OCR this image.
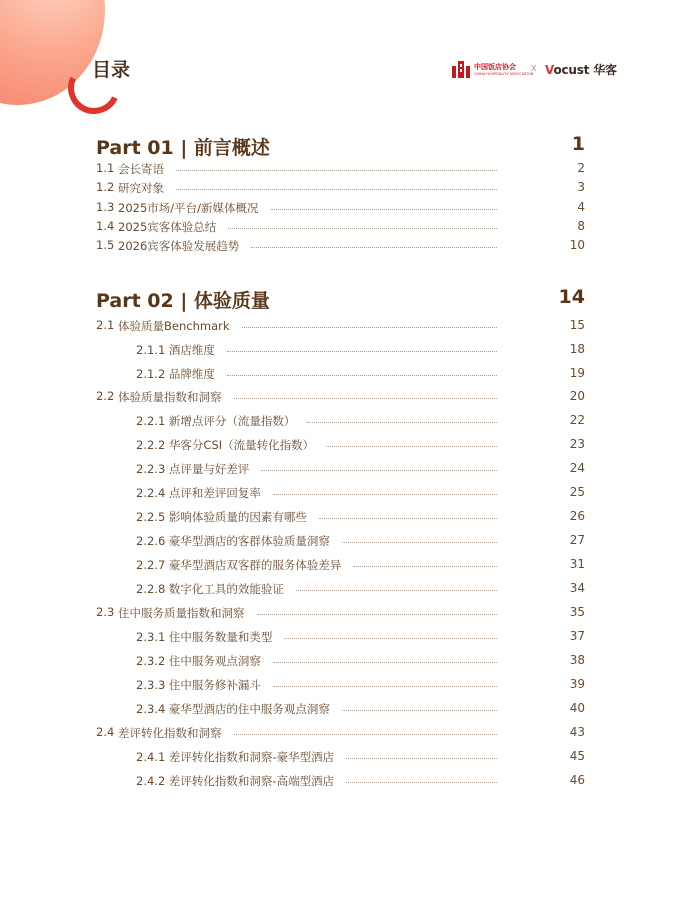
目录	中国饭店协会
CHINA HOSPITALITY ASSOCIATION
X Vocust 华客
Part 01 | 前言概述	1
1.1 会长寄语	2
1.2 研究对象	3
1.3 2025市场/平台/新媒体概况	4
1.4 2025宾客体验总结	8
1.5 2026宾客体验发展趋势	10
Part 02 | 体验质量	14
2.1 体验质量Benchmark	15
2.1.1 酒店维度	18
2.1.2 品牌维度	19
2.2 体验质量指数和洞察	20
2.2.1 新增点评分（流量指数）	22
2.2.2 华客分CSI（流量转化指数）	23
2.2.3 点评量与好差评	24
2.2.4 点评和差评回复率	25
2.2.5 影响体验质量的因素有哪些	26
2.2.6 豪华型酒店的客群体验质量洞察	27
2.2.7 豪华型酒店双客群的服务体验差异	31
2.2.8 数字化工具的效能验证	34
2.3 住中服务质量指数和洞察	35
2.3.1 住中服务数量和类型	37
2.3.2 住中服务观点洞察	38
2.3.3 住中服务修补漏斗	39
2.3.4 豪华型酒店的住中服务观点洞察	40
2.4 差评转化指数和洞察	43
2.4.1 差评转化指数和洞察-豪华型酒店	45
2.4.2 差评转化指数和洞察-高端型酒店	46
